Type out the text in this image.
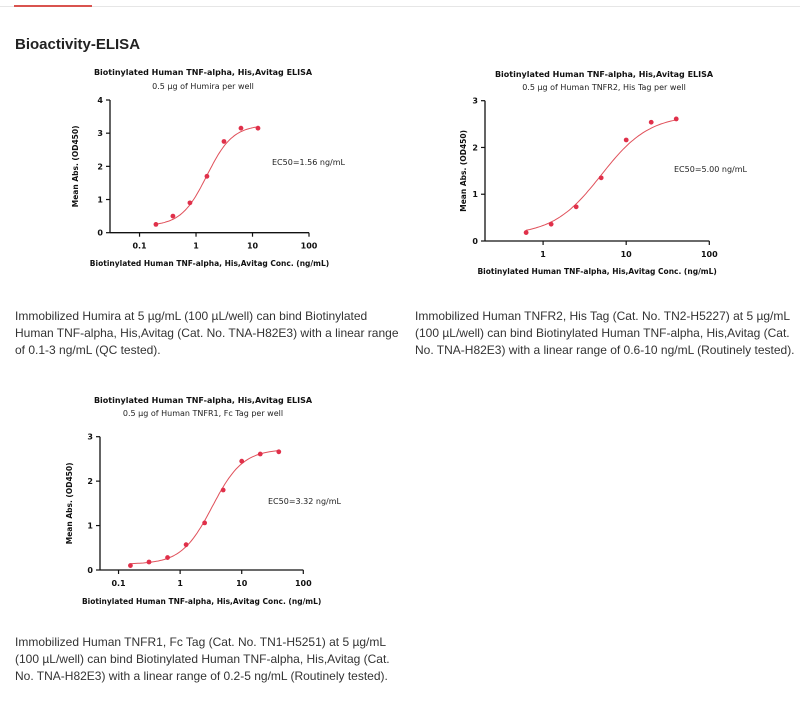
Bioactivity-ELISA
Biotinylated Human TNF-alpha, His,Avitag ELISA
0.5 µg of Humira per well
0
1
2
3
4
0.1	1	10	100
Biotinylated Human TNF-alpha, His,Avitag Conc. (ng/mL)
Mean Abs. (OD450)	EC50=1.56 ng/mL
Biotinylated Human TNF-alpha, His,Avitag ELISA
0.5 µg of Human TNFR2, His Tag per well
0
1
2
3
1	10	100
Biotinylated Human TNF-alpha, His,Avitag Conc. (ng/mL)
Mean Abs. (OD450)	EC50=5.00 ng/mL
Biotinylated Human TNF-alpha, His,Avitag ELISA
0.5 µg of Human TNFR1, Fc Tag per well
0
1
2
3
0.1	1	10	100
Biotinylated Human TNF-alpha, His,Avitag Conc. (ng/mL)
Mean Abs. (OD450)	EC50=3.32 ng/mL
Immobilized Humira at 5 µg/mL (100 µL/well) can bind Biotinylated Human TNF-alpha, His,Avitag (Cat. No. TNA-H82E3) with a linear range of 0.1-3 ng/mL (QC tested).
Immobilized Human TNFR2, His Tag (Cat. No. TN2-H5227) at 5 µg/mL (100 µL/well) can bind Biotinylated Human TNF-alpha, His,Avitag (Cat. No. TNA-H82E3) with a linear range of 0.6-10 ng/mL (Routinely tested).
Immobilized Human TNFR1, Fc Tag (Cat. No. TN1-H5251) at 5 µg/mL (100 µL/well) can bind Biotinylated Human TNF-alpha, His,Avitag (Cat. No. TNA-H82E3) with a linear range of 0.2-5 ng/mL (Routinely tested).
